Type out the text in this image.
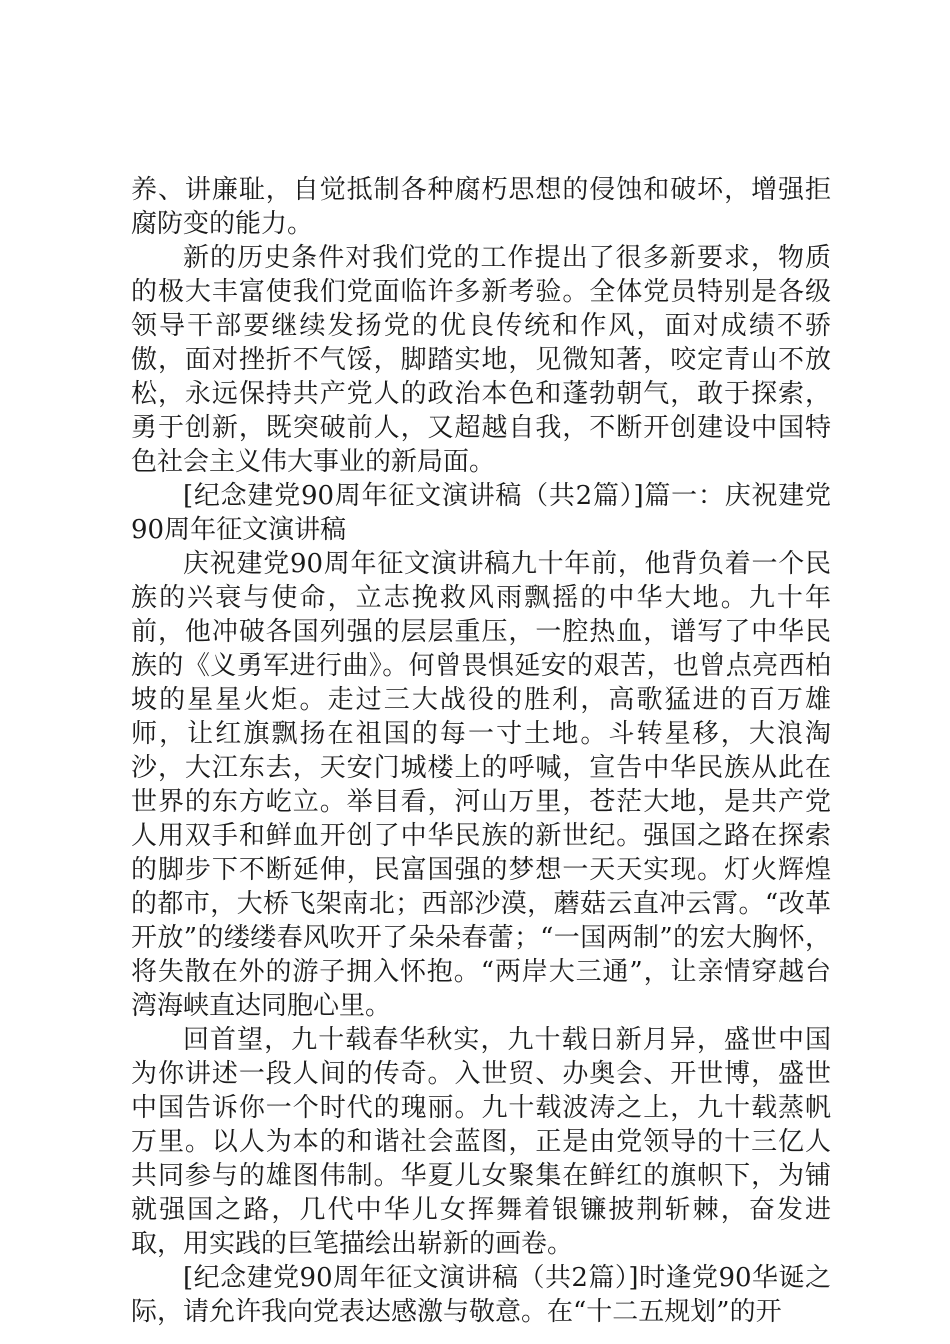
养、讲廉耻，自觉抵制各种腐朽思想的侵蚀和破坏，增强拒腐防变的能力。

新的历史条件对我们党的工作提出了很多新要求，物质的极大丰富使我们党面临许多新考验。全体党员特别是各级领导干部要继续发扬党的优良传统和作风，面对成绩不骄傲，面对挫折不气馁，脚踏实地，见微知著，咬定青山不放松，永远保持共产党人的政治本色和蓬勃朝气，敢于探索，勇于创新，既突破前人，又超越自我，不断开创建设中国特色社会主义伟大事业的新局面。

[纪念建党90周年征文演讲稿（共2篇）]篇一：庆祝建党90周年征文演讲稿

庆祝建党90周年征文演讲稿九十年前，他背负着一个民族的兴衰与使命，立志挽救风雨飘摇的中华大地。九十年前，他冲破各国列强的层层重压，一腔热血，谱写了中华民族的《义勇军进行曲》。何曾畏惧延安的艰苦，也曾点亮西柏坡的星星火炬。走过三大战役的胜利，高歌猛进的百万雄师，让红旗飘扬在祖国的每一寸土地。斗转星移，大浪淘沙，大江东去，天安门城楼上的呼喊，宣告中华民族从此在世界的东方屹立。举目看，河山万里，苍茫大地，是共产党人用双手和鲜血开创了中华民族的新世纪。强国之路在探索的脚步下不断延伸，民富国强的梦想一天天实现。灯火辉煌的都市，大桥飞架南北；西部沙漠，蘑菇云直冲云霄。“改革开放”的缕缕春风吹开了朵朵春蕾；“一国两制”的宏大胸怀，将失散在外的游子拥入怀抱。“两岸大三通”，让亲情穿越台湾海峡直达同胞心里。

回首望，九十载春华秋实，九十载日新月异，盛世中国为你讲述一段人间的传奇。入世贸、办奥会、开世博，盛世中国告诉你一个时代的瑰丽。九十载波涛之上，九十载蒸帆万里。以人为本的和谐社会蓝图，正是由党领导的十三亿人共同参与的雄图伟制。华夏儿女聚集在鲜红的旗帜下，为铺就强国之路，几代中华儿女挥舞着银镰披荆斩棘，奋发进取，用实践的巨笔描绘出崭新的画卷。

[纪念建党90周年征文演讲稿（共2篇）]时逢党90华诞之际，请允许我向党表达感激与敬意。在“十二五规划”的开
